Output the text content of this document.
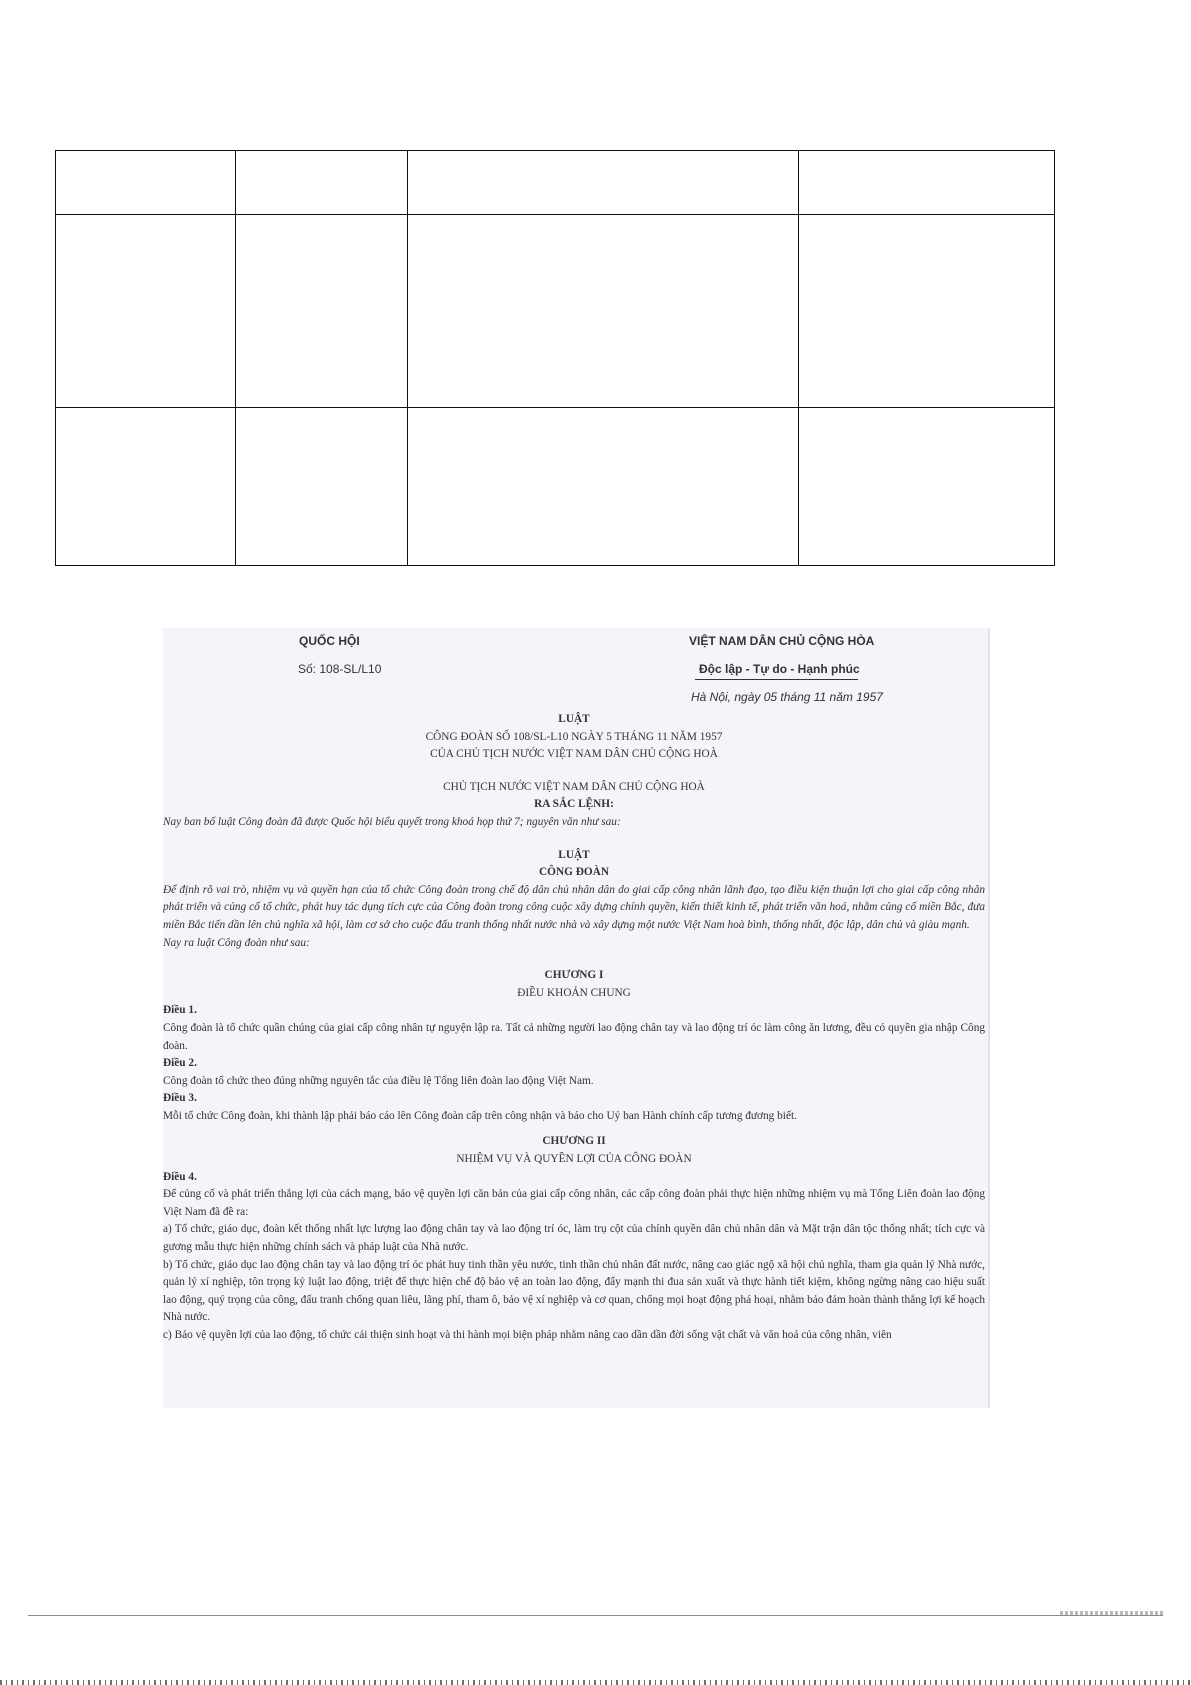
QUỐC HỘI
Số: 108-SL/L10
VIỆT NAM DÂN CHỦ CỘNG HÒA
Độc lập - Tự do - Hạnh phúc
Hà Nội, ngày 05 tháng 11 năm 1957
LUẬT
CÔNG ĐOÀN SỐ 108/SL-L10 NGÀY 5 THÁNG 11 NĂM 1957
CỦA CHỦ TỊCH NƯỚC VIỆT NAM DÂN CHỦ CỘNG HOÀ
CHỦ TỊCH NƯỚC VIỆT NAM DÂN CHỦ CỘNG HOÀ
RA SẮC LỆNH:
Nay ban bố luật Công đoàn đã được Quốc hội biểu quyết trong khoá họp thứ 7; nguyên văn như sau:
LUẬT
CÔNG ĐOÀN
Để định rõ vai trò, nhiệm vụ và quyền hạn của tổ chức Công đoàn trong chế độ dân chủ nhân dân do giai cấp công nhân lãnh đạo, tạo điều kiện thuận lợi cho giai cấp công nhân phát triển và củng cố tổ chức, phát huy tác dụng tích cực của Công đoàn trong công cuộc xây dựng chính quyền, kiến thiết kinh tế, phát triển văn hoá, nhằm củng cố miền Bắc, đưa miền Bắc tiến dần lên chủ nghĩa xã hội, làm cơ sở cho cuộc đấu tranh thống nhất nước nhà và xây dựng một nước Việt Nam hoà bình, thống nhất, độc lập, dân chủ và giàu mạnh.
Nay ra luật Công đoàn như sau:
CHƯƠNG I
ĐIỀU KHOẢN CHUNG
Điều 1.
Công đoàn là tổ chức quần chúng của giai cấp công nhân tự nguyện lập ra. Tất cả những người lao động chân tay và lao động trí óc làm công ăn lương, đều có quyền gia nhập Công đoàn.
Điều 2.
Công đoàn tổ chức theo đúng những nguyên tắc của điều lệ Tổng liên đoàn lao động Việt Nam.
Điều 3.
Mỗi tổ chức Công đoàn, khi thành lập phải báo cáo lên Công đoàn cấp trên công nhận và báo cho Uỷ ban Hành chính cấp tương đương biết.
CHƯƠNG II
NHIỆM VỤ VÀ QUYỀN LỢI CỦA CÔNG ĐOÀN
Điều 4.
Để củng cố và phát triển thắng lợi của cách mạng, bảo vệ quyền lợi căn bản của giai cấp công nhân, các cấp công đoàn phải thực hiện những nhiệm vụ mà Tổng Liên đoàn lao động Việt Nam đã đề ra:
a) Tổ chức, giáo dục, đoàn kết thống nhất lực lượng lao động chân tay và lao động trí óc, làm trụ cột của chính quyền dân chủ nhân dân và Mặt trận dân tộc thống nhất; tích cực và gương mẫu thực hiện những chính sách và pháp luật của Nhà nước.
b) Tổ chức, giáo dục lao động chân tay và lao động trí óc phát huy tinh thần yêu nước, tinh thần chủ nhân đất nước, nâng cao giác ngộ xã hội chủ nghĩa, tham gia quản lý Nhà nước, quản lý xí nghiệp, tôn trọng kỷ luật lao động, triệt để thực hiện chế độ bảo vệ an toàn lao động, đẩy mạnh thi đua sản xuất và thực hành tiết kiệm, không ngừng nâng cao hiệu suất lao động, quý trọng của công, đấu tranh chống quan liêu, lãng phí, tham ô, bảo vệ xí nghiệp và cơ quan, chống mọi hoạt động phá hoại, nhằm bảo đảm hoàn thành thắng lợi kế hoạch Nhà nước.
c) Bảo vệ quyền lợi của lao động, tổ chức cải thiện sinh hoạt và thi hành mọi biện pháp nhằm nâng cao dần dần đời sống vật chất và văn hoá của công nhân, viên
